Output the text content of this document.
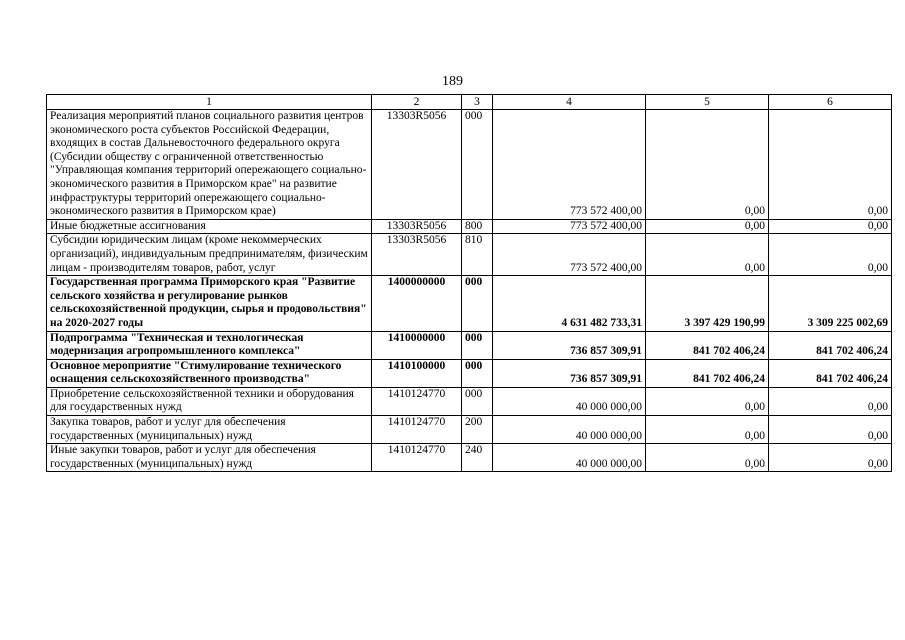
189
1	2	3	4	5	6
Реализация мероприятий планов социального развития центров экономического роста субъектов Российской Федерации, входящих в состав Дальневосточного федерального округа (Субсидии обществу с ограниченной ответственностью "Управляющая компания территорий опережающего социально-экономического развития в Приморском крае" на развитие инфраструктуры территорий опережающего социально-экономического развития в Приморском крае)	13303R5056	000	773 572 400,00	0,00	0,00
Иные бюджетные ассигнования	13303R5056	800	773 572 400,00	0,00	0,00
Субсидии юридическим лицам (кроме некоммерческих организаций), индивидуальным предпринимателям, физическим лицам - производителям товаров, работ, услуг	13303R5056	810	773 572 400,00	0,00	0,00
Государственная программа Приморского края "Развитие сельского хозяйства и регулирование рынков сельскохозяйственной продукции, сырья и продовольствия" на 2020-2027 годы	1400000000	000	4 631 482 733,31	3 397 429 190,99	3 309 225 002,69
Подпрограмма "Техническая и технологическая модернизация агропромышленного комплекса"	1410000000	000	736 857 309,91	841 702 406,24	841 702 406,24
Основное мероприятие "Стимулирование технического оснащения сельскохозяйственного производства"	1410100000	000	736 857 309,91	841 702 406,24	841 702 406,24
Приобретение сельскохозяйственной техники и оборудования для государственных нужд	1410124770	000	40 000 000,00	0,00	0,00
Закупка товаров, работ и услуг для обеспечения государственных (муниципальных) нужд	1410124770	200	40 000 000,00	0,00	0,00
Иные закупки товаров, работ и услуг для обеспечения государственных (муниципальных) нужд	1410124770	240	40 000 000,00	0,00	0,00
